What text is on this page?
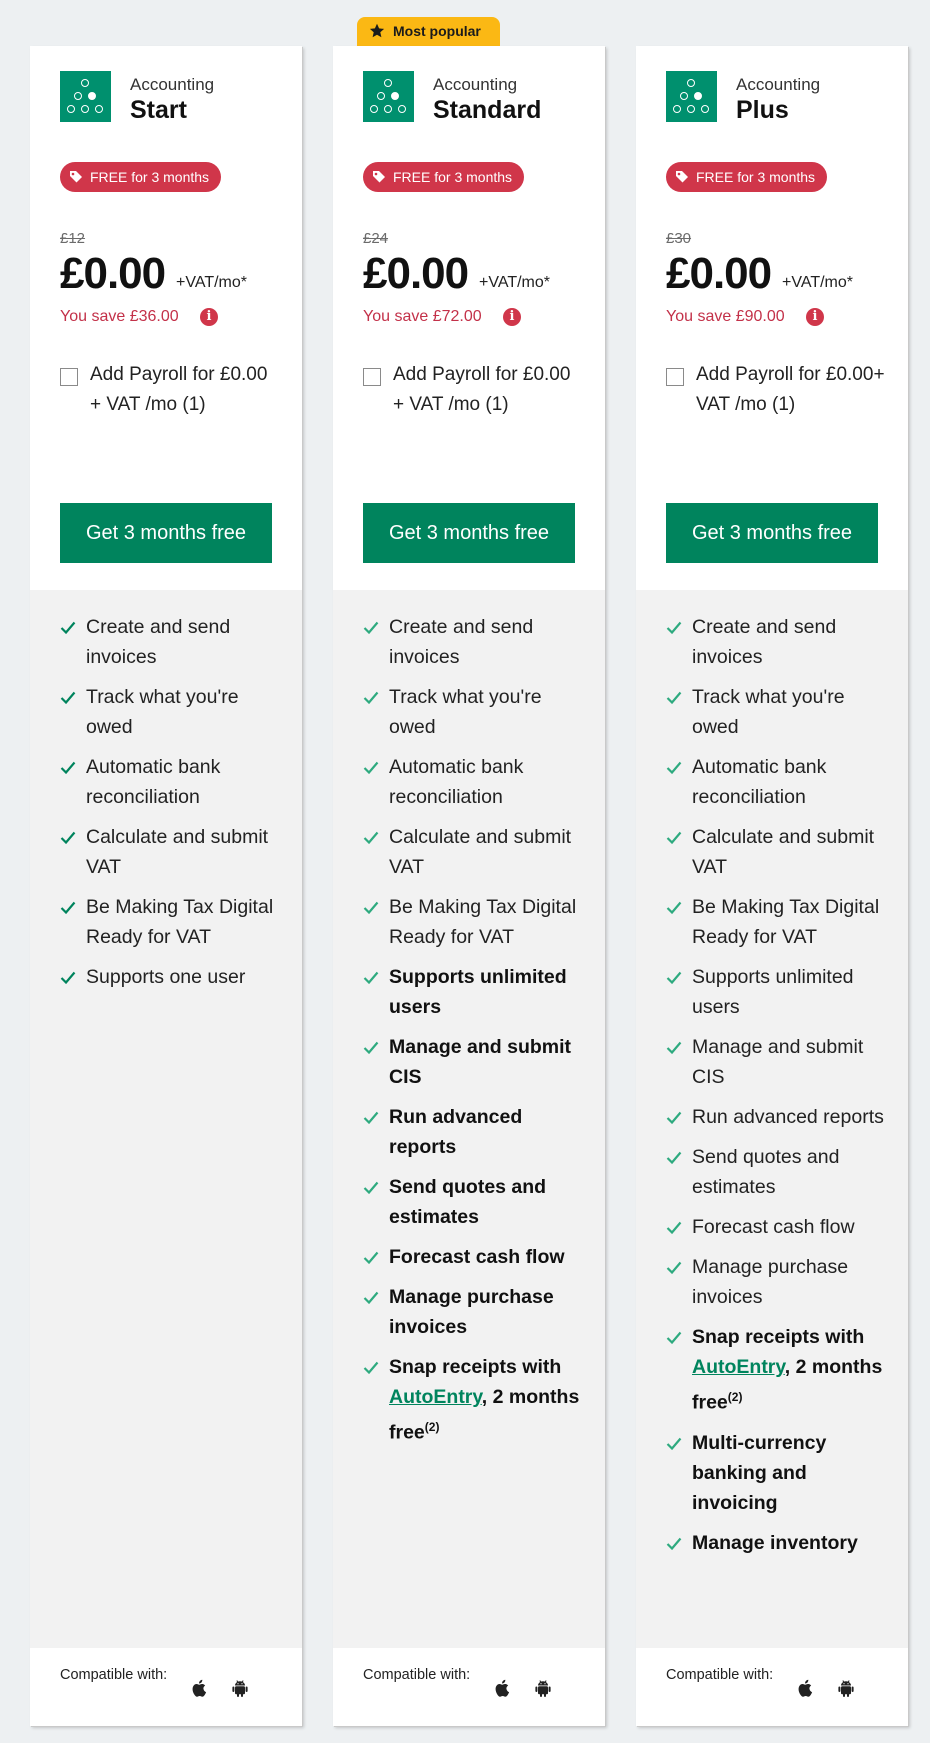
Most popular
Accounting
Start
FREE for 3 months
£12
£0.00 +VAT/mo*
You save £36.00	i
Add Payroll for £0.00 + VAT /mo (1)
Get 3 months free
Create and send invoices
Track what you're owed
Automatic bank reconciliation
Calculate and submit VAT
Be Making Tax Digital Ready for VAT
Supports one user
Compatible with:
Accounting
Standard
FREE for 3 months
£24
£0.00 +VAT/mo*
You save £72.00	i
Add Payroll for £0.00 + VAT /mo (1)
Get 3 months free
Create and send invoices
Track what you're owed
Automatic bank reconciliation
Calculate and submit VAT
Be Making Tax Digital Ready for VAT
Supports unlimited users
Manage and submit CIS
Run advanced reports
Send quotes and estimates
Forecast cash flow
Manage purchase invoices
Snap receipts with AutoEntry, 2 months free$^{(2)}$
Compatible with:
Accounting
Plus
FREE for 3 months
£30
£0.00 +VAT/mo*
You save £90.00	i
Add Payroll for £0.00+ VAT /mo (1)
Get 3 months free
Create and send invoices
Track what you're owed
Automatic bank reconciliation
Calculate and submit VAT
Be Making Tax Digital Ready for VAT
Supports unlimited users
Manage and submit CIS
Run advanced reports
Send quotes and estimates
Forecast cash flow
Manage purchase invoices
Snap receipts with AutoEntry, 2 months free$^{(2)}$
Multi-currency banking and invoicing
Manage inventory
Compatible with:
